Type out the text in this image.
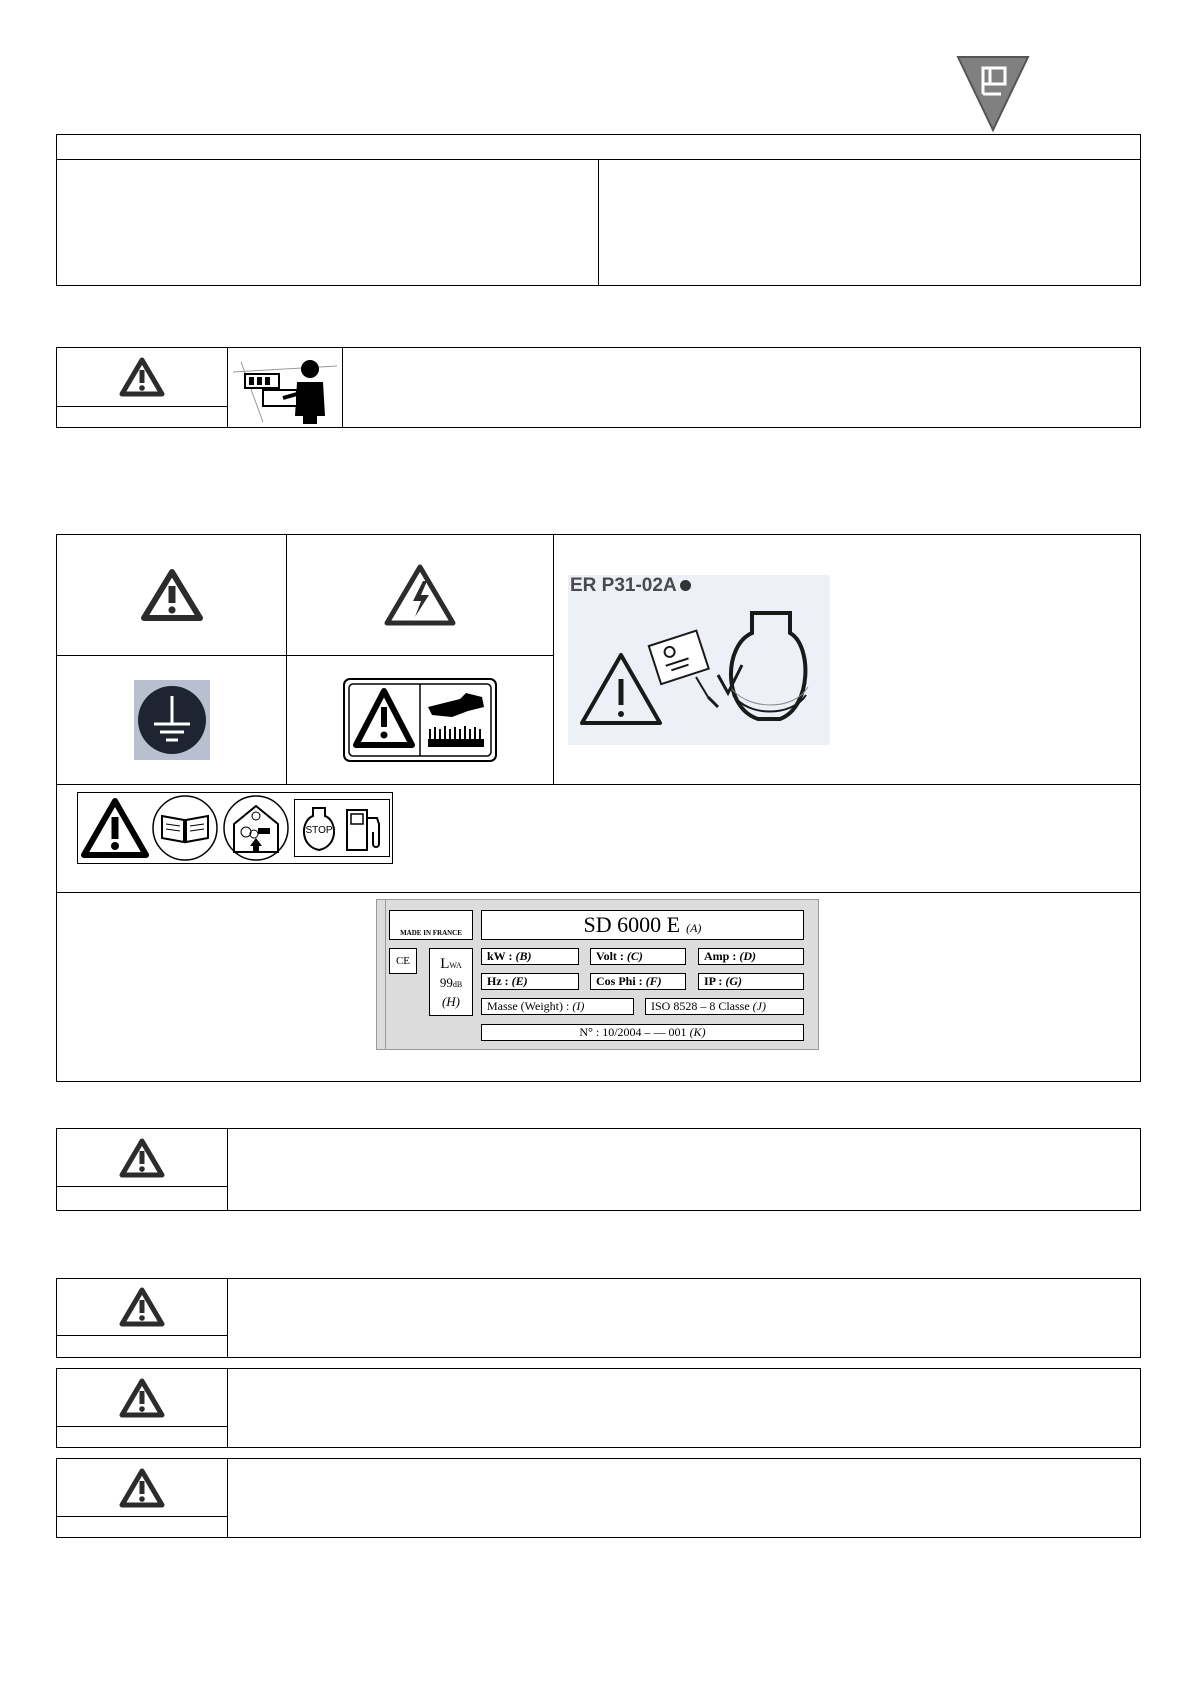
ER P31-02A
STOP
MADE IN FRANCE
CE LWA
99dB
(H)
SD 6000 E (A)
kW : (B)	Volt : (C)	Amp : (D)
Hz : (E)	Cos Phi : (F)	IP : (G)
Masse (Weight) : (I)	ISO 8528 – 8 Classe (J)
N° : 10/2004 – — 001 (K)
